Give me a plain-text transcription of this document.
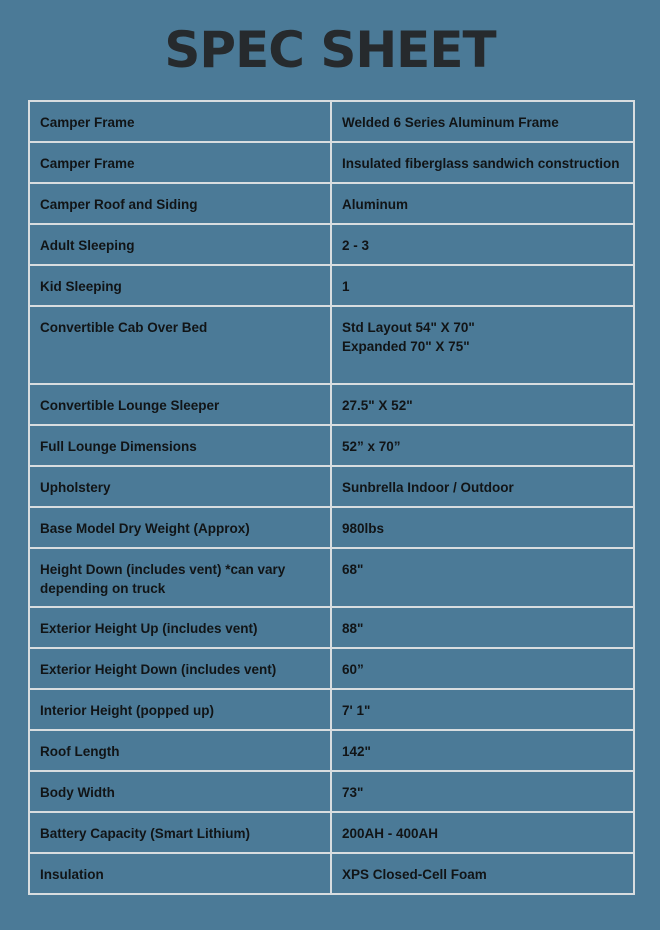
SPEC SHEET
Camper Frame	Welded 6 Series Aluminum Frame
Camper Frame	Insulated fiberglass sandwich construction
Camper Roof and Siding	Aluminum
Adult Sleeping	2 - 3
Kid Sleeping	1
Convertible Cab Over Bed	Std Layout 54" X 70"
Expanded 70" X 75"
Convertible Lounge Sleeper	27.5" X 52"
Full Lounge Dimensions	52” x 70”
Upholstery	Sunbrella Indoor / Outdoor
Base Model Dry Weight (Approx)	980lbs
Height Down (includes vent) *can vary depending on truck	68"
Exterior Height Up (includes vent)	88"
Exterior Height Down (includes vent)	60”
Interior Height (popped up)	7' 1"
Roof Length	142"
Body Width	73"
Battery Capacity (Smart Lithium)	200AH - 400AH
Insulation	XPS Closed-Cell Foam
